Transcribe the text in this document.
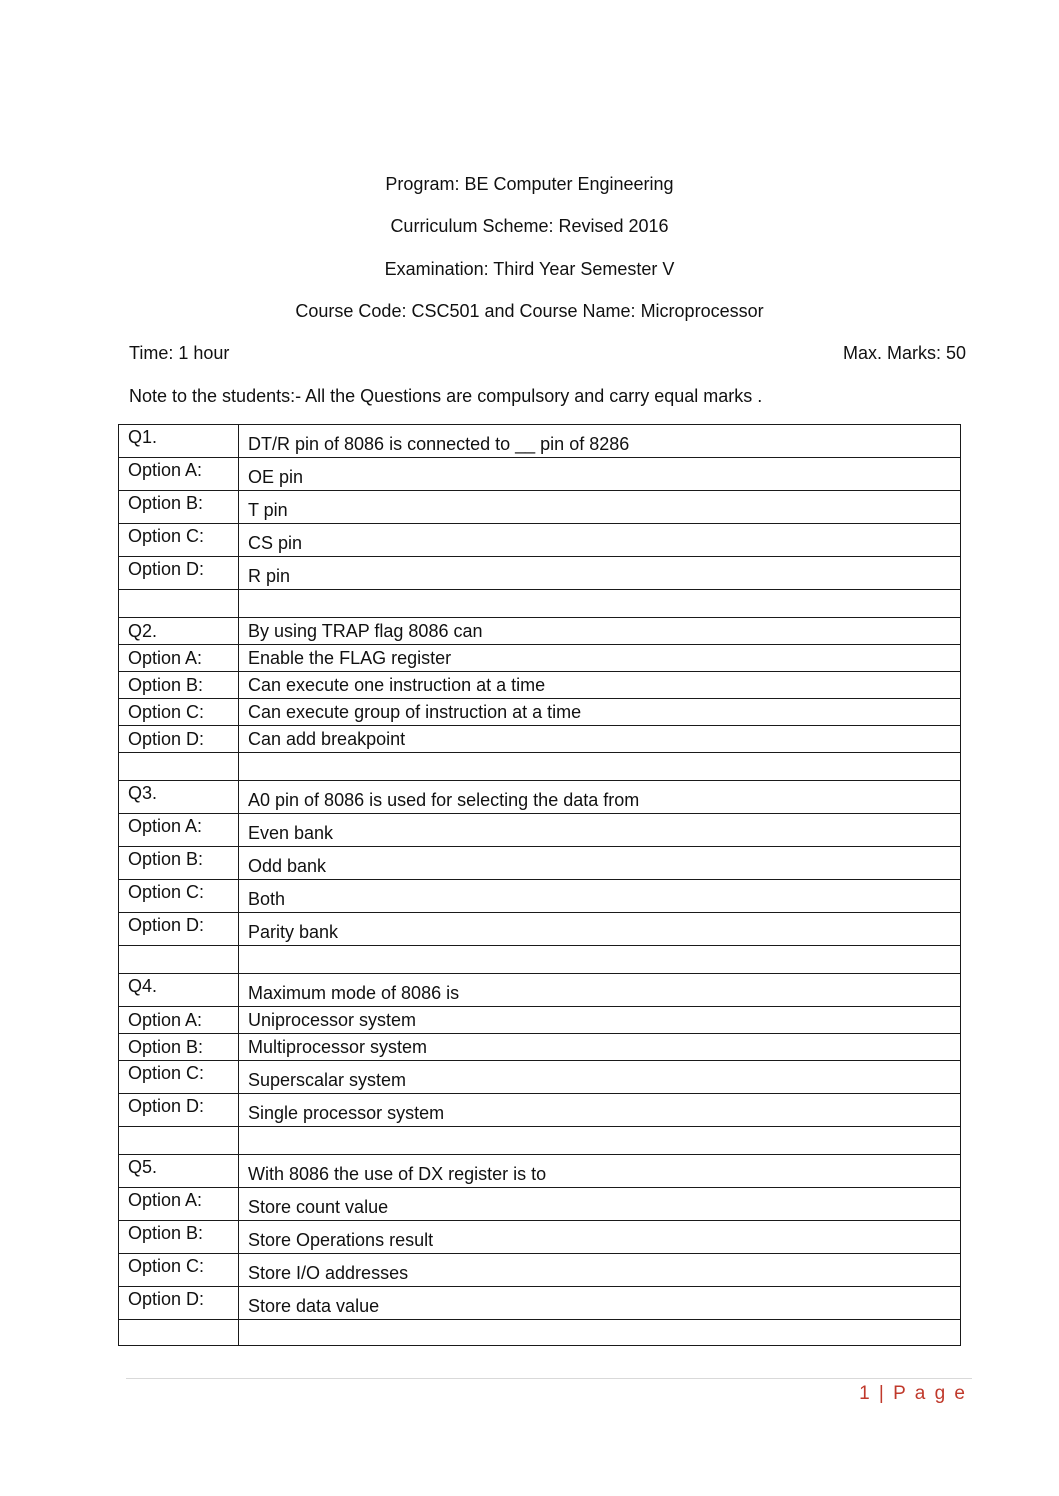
Program: BE Computer Engineering
Curriculum Scheme: Revised 2016
Examination: Third Year Semester V
Course Code: CSC501 and Course Name: Microprocessor
Time: 1 hour	Max. Marks: 50
Note to the students:- All the Questions are compulsory and carry equal marks .
Q1.	DT/R pin of 8086 is connected to __ pin of 8286
Option A:	OE pin
Option B:	T pin
Option C:	CS pin
Option D:	R pin

Q2.	By using TRAP flag 8086 can
Option A:	Enable the FLAG register
Option B:	Can execute one instruction at a time
Option C:	Can execute group of instruction at a time
Option D:	Can add breakpoint

Q3.	A0 pin of 8086 is used for selecting the data from
Option A:	Even bank
Option B:	Odd bank
Option C:	Both
Option D:	Parity bank

Q4.	Maximum mode of 8086 is
Option A:	Uniprocessor system
Option B:	Multiprocessor system
Option C:	Superscalar system
Option D:	Single processor system

Q5.	With 8086 the use of DX register is to
Option A:	Store count value
Option B:	Store Operations result
Option C:	Store I/O addresses
Option D:	Store data value

1 | P a g e
